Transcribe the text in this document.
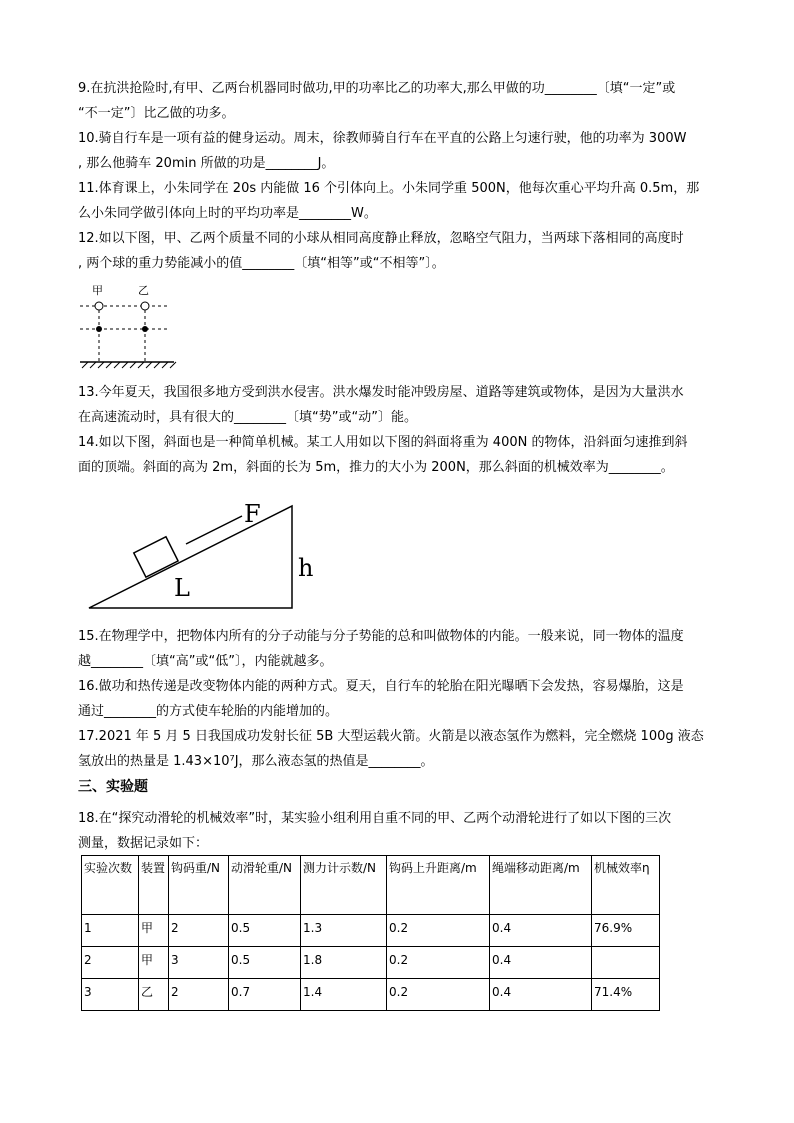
9.在抗洪抢险时,有甲、乙两台机器同时做功,甲的功率比乙的功率大,那么甲做的功________〔填“一定”或
“不一定”〕比乙做的功多。

10.骑自行车是一项有益的健身运动。周末，徐教师骑自行车在平直的公路上匀速行驶，他的功率为 300W
, 那么他骑车 20min 所做的功是________J。

11.体育课上，小朱同学在 20s 内能做 16 个引体向上。小朱同学重 500N，他每次重心平均升高 0.5m，那
么小朱同学做引体向上时的平均功率是________W。

12.如以下图，甲、乙两个质量不同的小球从相同高度静止释放，忽略空气阻力，当两球下落相同的高度时
, 两个球的重力势能减小的值________〔填“相等”或“不相等”〕。

甲	乙

13.今年夏天，我国很多地方受到洪水侵害。洪水爆发时能冲毁房屋、道路等建筑或物体，是因为大量洪水
在高速流动时，具有很大的________〔填“势”或“动”〕能。

14.如以下图，斜面也是一种简单机械。某工人用如以下图的斜面将重为 400N 的物体，沿斜面匀速推到斜
面的顶端。斜面的高为 2m，斜面的长为 5m，推力的大小为 200N，那么斜面的机械效率为________。

F
L
h

15.在物理学中，把物体内所有的分子动能与分子势能的总和叫做物体的内能。一般来说，同一物体的温度
越________〔填“高”或“低”〕，内能就越多。

16.做功和热传递是改变物体内能的两种方式。夏天，自行车的轮胎在阳光曝晒下会发热，容易爆胎，这是
通过________的方式使车轮胎的内能增加的。

17.2021 年 5 月 5 日我国成功发射长征 5B 大型运载火箭。火箭是以液态氢作为燃料，完全燃烧 100g 液态
氢放出的热量是 1.43×10⁷J，那么液态氢的热值是________。

三、实验题

18.在“探究动滑轮的机械效率”时，某实验小组利用自重不同的甲、乙两个动滑轮进行了如以下图的三次
测量，数据记录如下：

实验次数	装置	钩码重/N	动滑轮重/N	测力计示数/N	钩码上升距离/m	绳端移动距离/m	机械效率η
1	甲	2	0.5	1.3	0.2	0.4	76.9%
2	甲	3	0.5	1.8	0.2	0.4	
3	乙	2	0.7	1.4	0.2	0.4	71.4%
